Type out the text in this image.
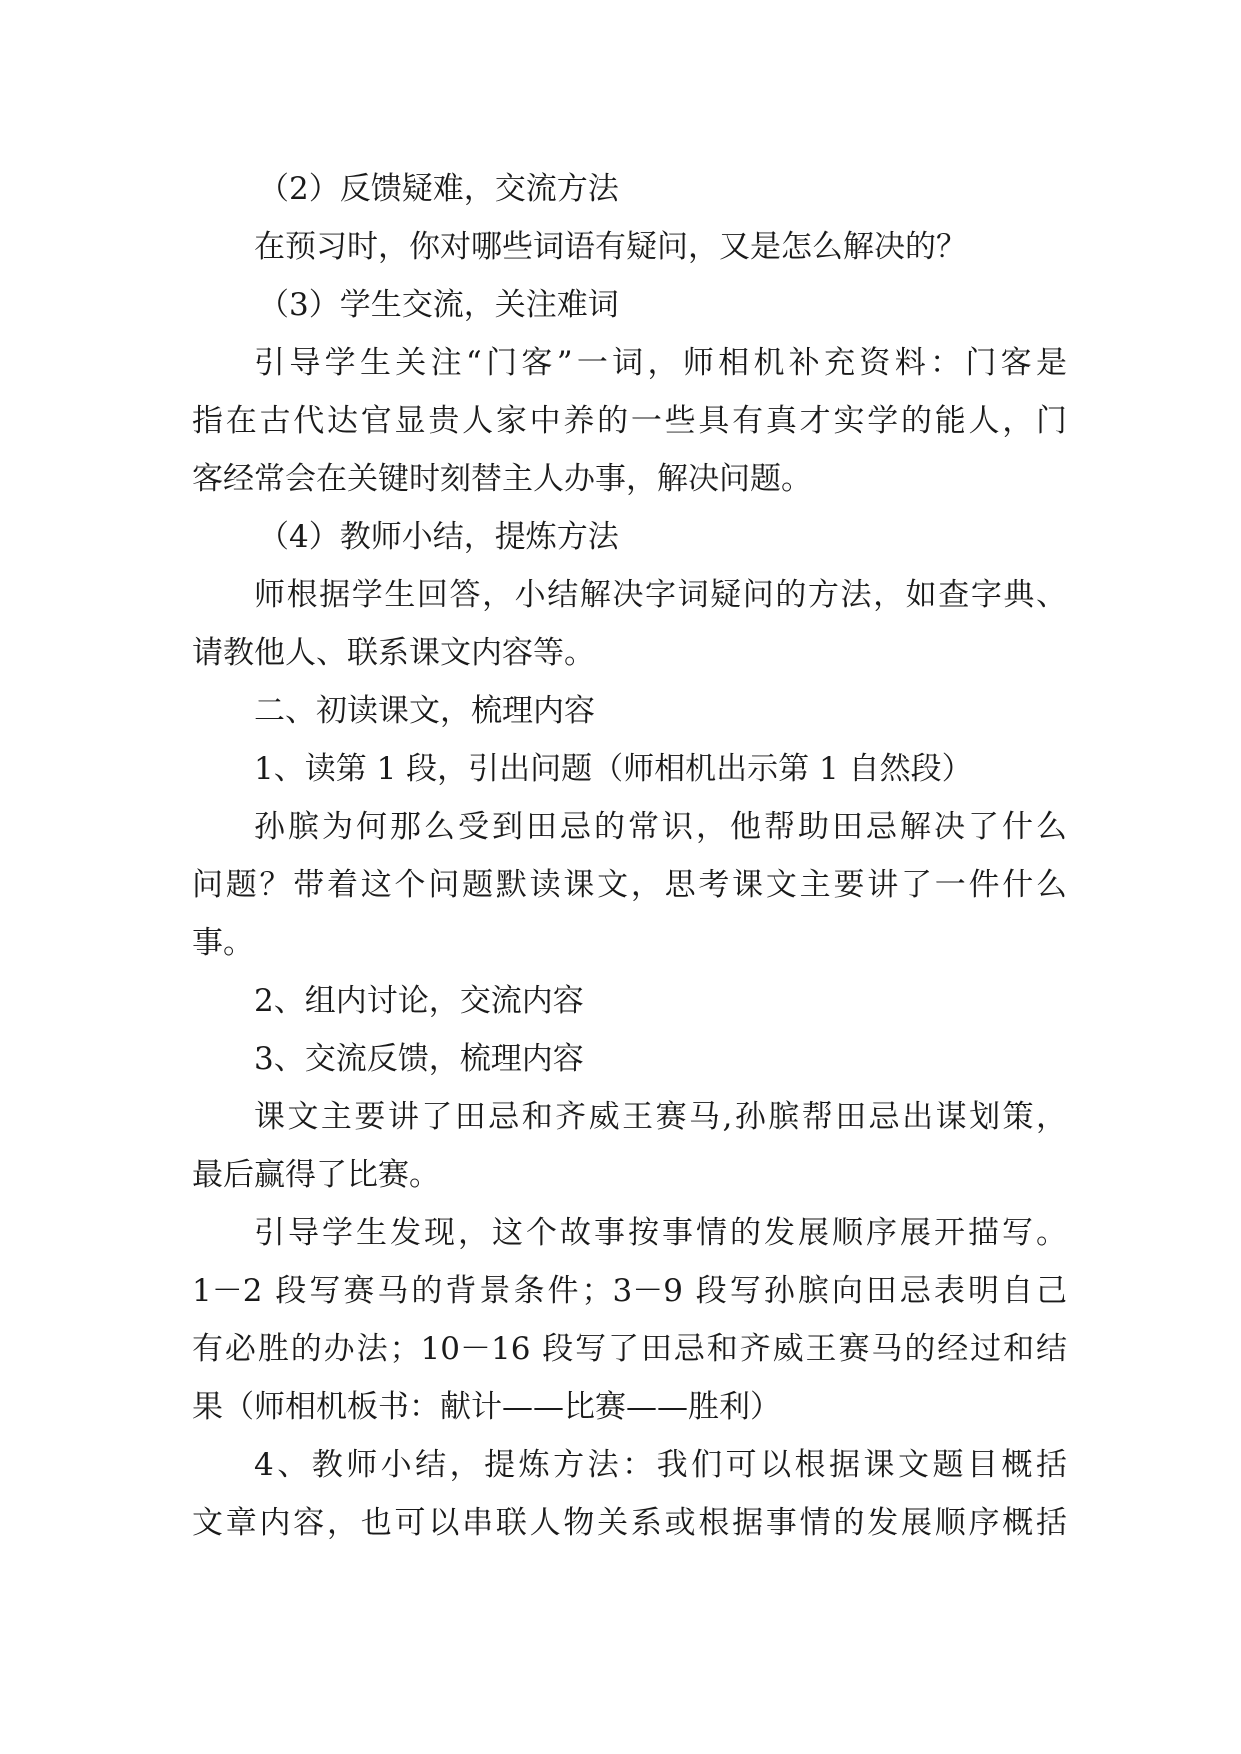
（2）反馈疑难，交流方法

在预习时，你对哪些词语有疑问，又是怎么解决的？

（3）学生交流，关注难词

引导学生关注“门客”一词，师相机补充资料：门客是

指在古代达官显贵人家中养的一些具有真才实学的能人，门

客经常会在关键时刻替主人办事，解决问题。

（4）教师小结，提炼方法

师根据学生回答，小结解决字词疑问的方法，如查字典、

请教他人、联系课文内容等。

二、初读课文，梳理内容

1、读第 1 段，引出问题（师相机出示第 1 自然段）

孙膑为何那么受到田忌的常识，他帮助田忌解决了什么

问题？带着这个问题默读课文，思考课文主要讲了一件什么

事。

2、组内讨论，交流内容

3、交流反馈，梳理内容

课文主要讲了田忌和齐威王赛马,孙膑帮田忌出谋划策，

最后赢得了比赛。

引导学生发现，这个故事按事情的发展顺序展开描写。

1－2 段写赛马的背景条件；3－9 段写孙膑向田忌表明自己

有必胜的办法；10－16 段写了田忌和齐威王赛马的经过和结

果（师相机板书：献计——比赛——胜利）

4、教师小结，提炼方法：我们可以根据课文题目概括

文章内容，也可以串联人物关系或根据事情的发展顺序概括
